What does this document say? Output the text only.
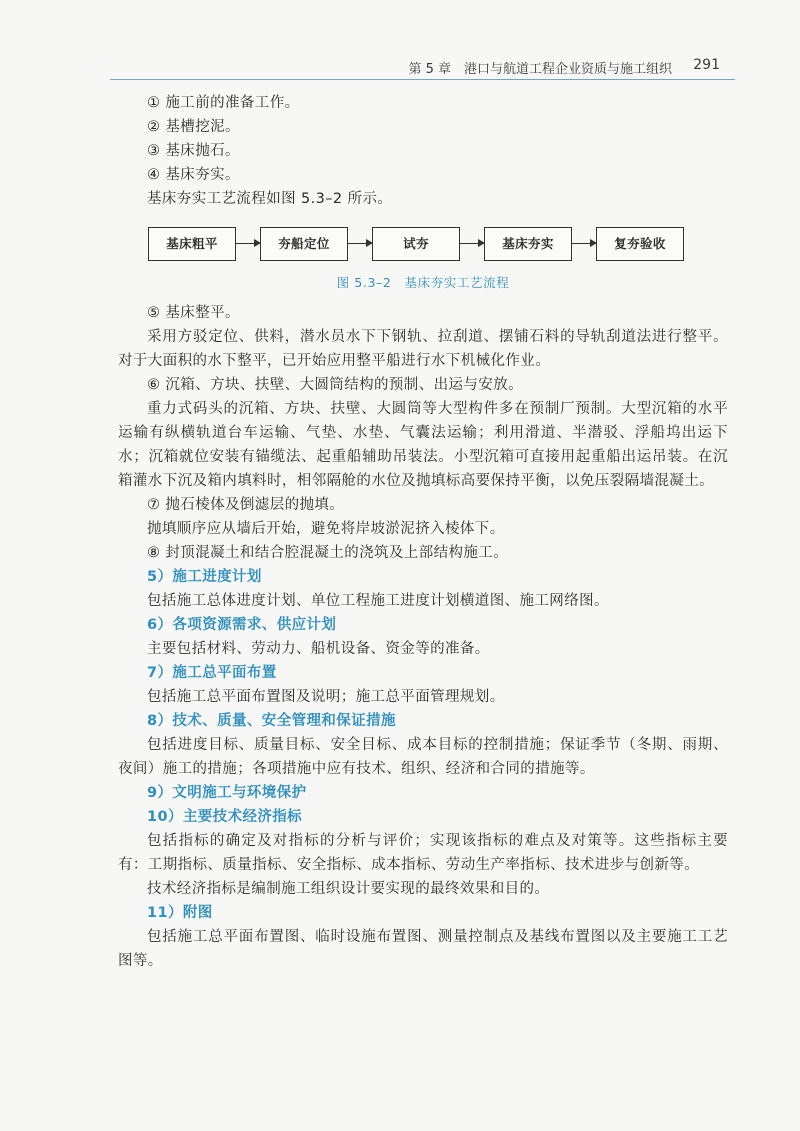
第 5 章　港口与航道工程企业资质与施工组织 291

① 施工前的准备工作。

② 基槽挖泥。

③ 基床抛石。

④ 基床夯实。

基床夯实工艺流程如图 5.3–2 所示。

基床粗平	夯船定位	试夯	基床夯实	复夯验收

图 5.3–2　基床夯实工艺流程

⑤ 基床整平。

采用方驳定位、供料，潜水员水下下钢轨、拉刮道、摆铺石料的导轨刮道法进行整平。对于大面积的水下整平，已开始应用整平船进行水下机械化作业。

⑥ 沉箱、方块、扶壁、大圆筒结构的预制、出运与安放。

重力式码头的沉箱、方块、扶壁、大圆筒等大型构件多在预制厂预制。大型沉箱的水平运输有纵横轨道台车运输、气垫、水垫、气囊法运输；利用滑道、半潜驳、浮船坞出运下水；沉箱就位安装有锚缆法、起重船辅助吊装法。小型沉箱可直接用起重船出运吊装。在沉箱灌水下沉及箱内填料时，相邻隔舱的水位及抛填标高要保持平衡，以免压裂隔墙混凝土。

⑦ 抛石棱体及倒滤层的抛填。

抛填顺序应从墙后开始，避免将岸坡淤泥挤入棱体下。

⑧ 封顶混凝土和结合腔混凝土的浇筑及上部结构施工。

5）施工进度计划

包括施工总体进度计划、单位工程施工进度计划横道图、施工网络图。

6）各项资源需求、供应计划

主要包括材料、劳动力、船机设备、资金等的准备。

7）施工总平面布置

包括施工总平面布置图及说明；施工总平面管理规划。

8）技术、质量、安全管理和保证措施

包括进度目标、质量目标、安全目标、成本目标的控制措施；保证季节（冬期、雨期、夜间）施工的措施；各项措施中应有技术、组织、经济和合同的措施等。

9）文明施工与环境保护

10）主要技术经济指标

包括指标的确定及对指标的分析与评价；实现该指标的难点及对策等。这些指标主要有：工期指标、质量指标、安全指标、成本指标、劳动生产率指标、技术进步与创新等。

技术经济指标是编制施工组织设计要实现的最终效果和目的。

11）附图

包括施工总平面布置图、临时设施布置图、测量控制点及基线布置图以及主要施工工艺图等。
